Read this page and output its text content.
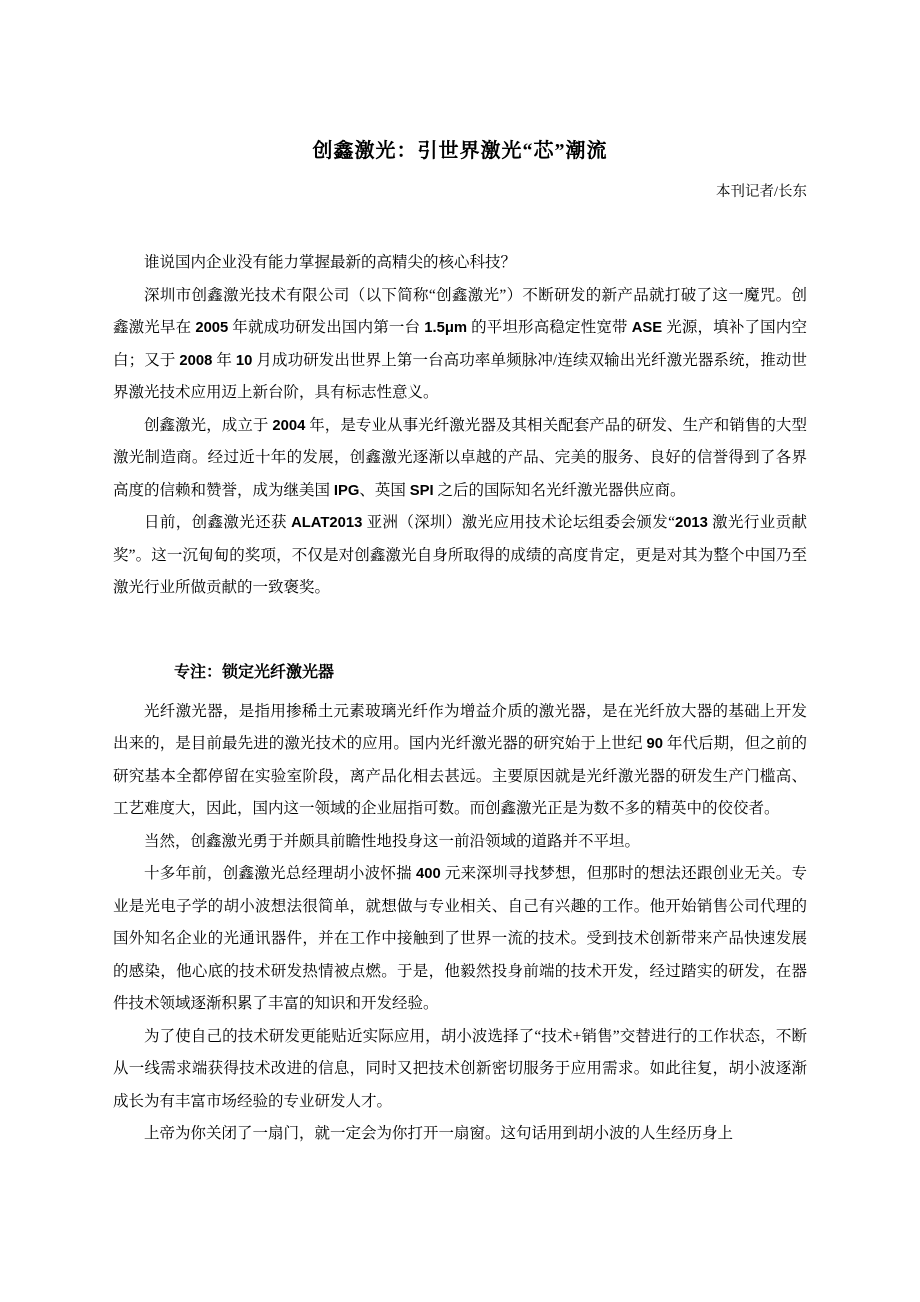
创鑫激光：引世界激光“芯”潮流
本刊记者/长东

谁说国内企业没有能力掌握最新的高精尖的核心科技？

深圳市创鑫激光技术有限公司（以下简称“创鑫激光”）不断研发的新产品就打破了这一魔咒。创鑫激光早在 2005 年就成功研发出国内第一台 1.5μm 的平坦形高稳定性宽带 ASE 光源，填补了国内空白；又于 2008 年 10 月成功研发出世界上第一台高功率单频脉冲/连续双输出光纤激光器系统，推动世界激光技术应用迈上新台阶，具有标志性意义。

创鑫激光，成立于 2004 年，是专业从事光纤激光器及其相关配套产品的研发、生产和销售的大型激光制造商。经过近十年的发展，创鑫激光逐渐以卓越的产品、完美的服务、良好的信誉得到了各界高度的信赖和赞誉，成为继美国 IPG、英国 SPI 之后的国际知名光纤激光器供应商。

日前，创鑫激光还获 ALAT2013 亚洲（深圳）激光应用技术论坛组委会颁发“2013 激光行业贡献奖”。这一沉甸甸的奖项，不仅是对创鑫激光自身所取得的成绩的高度肯定，更是对其为整个中国乃至激光行业所做贡献的一致褒奖。

专注：锁定光纤激光器

光纤激光器，是指用掺稀土元素玻璃光纤作为增益介质的激光器，是在光纤放大器的基础上开发出来的，是目前最先进的激光技术的应用。国内光纤激光器的研究始于上世纪 90 年代后期，但之前的研究基本全都停留在实验室阶段，离产品化相去甚远。主要原因就是光纤激光器的研发生产门槛高、工艺难度大，因此，国内这一领域的企业屈指可数。而创鑫激光正是为数不多的精英中的佼佼者。

当然，创鑫激光勇于并颇具前瞻性地投身这一前沿领域的道路并不平坦。

十多年前，创鑫激光总经理胡小波怀揣 400 元来深圳寻找梦想，但那时的想法还跟创业无关。专业是光电子学的胡小波想法很简单，就想做与专业相关、自己有兴趣的工作。他开始销售公司代理的国外知名企业的光通讯器件，并在工作中接触到了世界一流的技术。受到技术创新带来产品快速发展的感染，他心底的技术研发热情被点燃。于是，他毅然投身前端的技术开发，经过踏实的研发，在器件技术领域逐渐积累了丰富的知识和开发经验。

为了使自己的技术研发更能贴近实际应用，胡小波选择了“技术+销售”交替进行的工作状态，不断从一线需求端获得技术改进的信息，同时又把技术创新密切服务于应用需求。如此往复，胡小波逐渐成长为有丰富市场经验的专业研发人才。

上帝为你关闭了一扇门，就一定会为你打开一扇窗。这句话用到胡小波的人生经历身上
